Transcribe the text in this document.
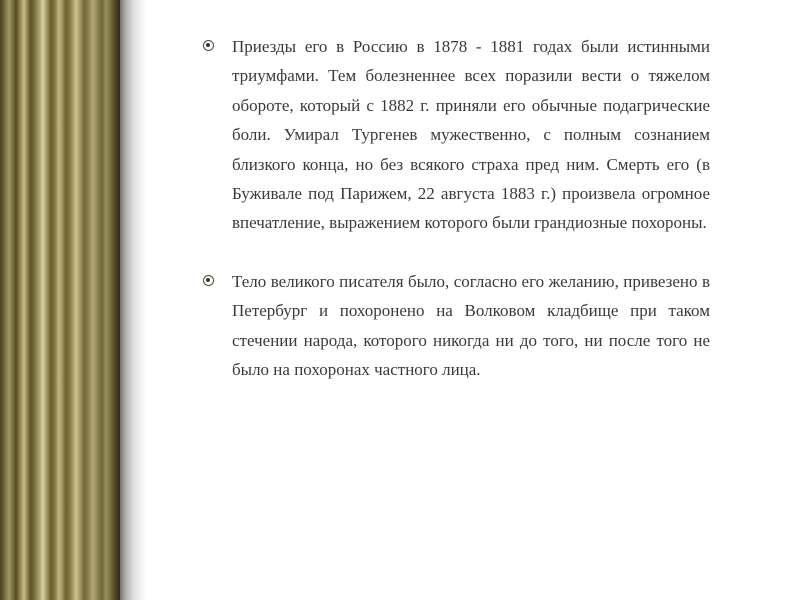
Приезды его в Россию в 1878 - 1881 годах были истинными триумфами. Тем болезненнее всех поразили вести о тяжелом обороте, который с 1882 г. приняли его обычные подагрические боли. Умирал Тургенев мужественно, с полным сознанием близкого конца, но без всякого страха пред ним. Смерть его (в Буживале под Парижем, 22 августа 1883 г.) произвела огромное впечатление, выражением которого были грандиозные похороны.
Тело великого писателя было, согласно его желанию, привезено в Петербург и похоронено на Волковом кладбище при таком стечении народа, которого никогда ни до того, ни после того не было на похоронах частного лица.
